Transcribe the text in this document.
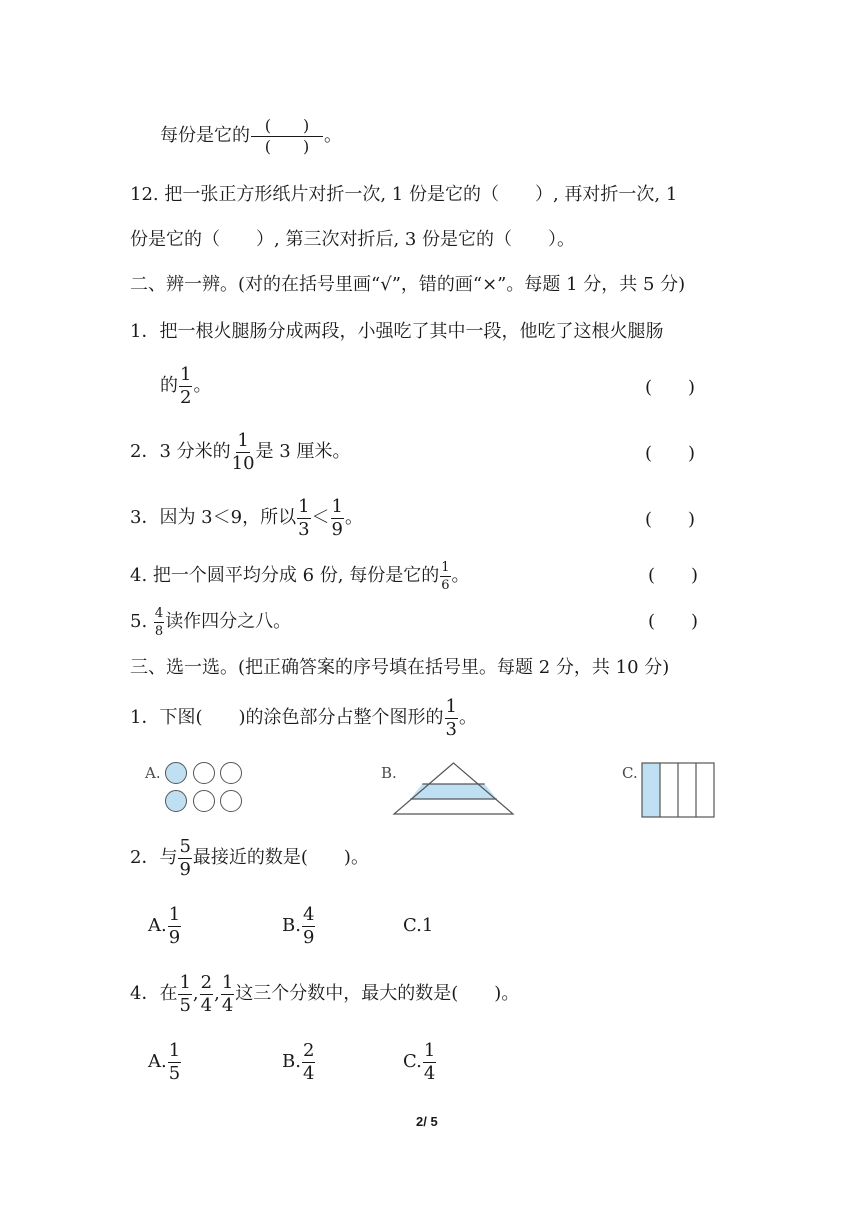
每份是它的 $\frac{( )}{( )}$ 。
12. 把一张正方形纸片对折一次, 1 份是它的（　　）, 再对折一次, 1
份是它的（　　）, 第三次对折后, 3 份是它的（　　）。
二、辨一辨。(对的在括号里画“√”，错的画“×”。每题 1 分，共 5 分)
1．把一根火腿肠分成两段，小强吃了其中一段，他吃了这根火腿肠
的 $\frac{1}{2}$ 。	(　　)
2．3 分米的 $\frac{1}{10}$ 是 3 厘米。	(　　)
3．因为 3＜9，所以 $\frac{1}{3} < \frac{1}{9}$ 。	(　　)
4. 把一个圆平均分成 6 份, 每份是它的 $\frac{1}{6}$ 。	(　　)
5. $\frac{4}{8}$ 读作四分之八。	(　　)
三、选一选。(把正确答案的序号填在括号里。每题 2 分，共 10 分)
1．下图(　　)的涂色部分占整个图形的 $\frac{1}{3}$ 。
A.	B.	C.
2．与 $\frac{5}{9}$ 最接近的数是(　　)。
A. $\frac{1}{9}$	B. $\frac{4}{9}$	C.1
4．在 $\frac{1}{5}$ , $\frac{2}{4}$ , $\frac{1}{4}$ 这三个分数中，最大的数是(　　)。
A. $\frac{1}{5}$	B. $\frac{2}{4}$	C. $\frac{1}{4}$
2/ 5
